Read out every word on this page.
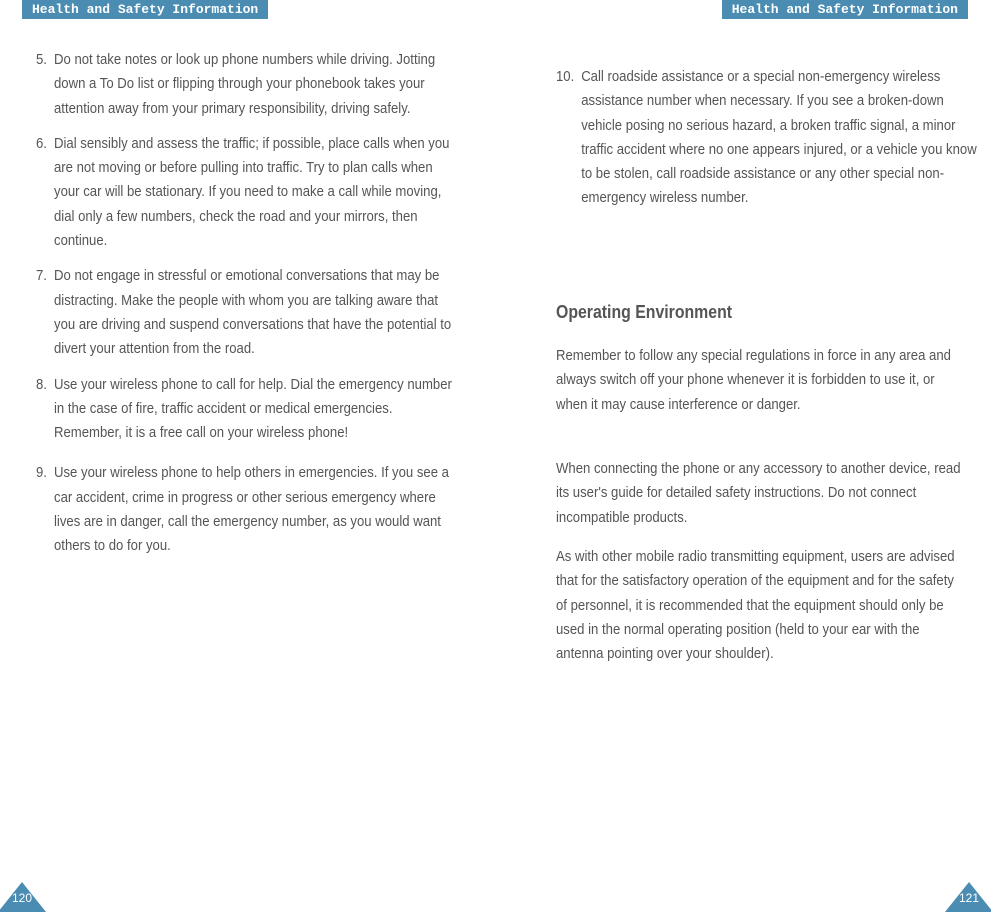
Health and Safety Information
5. Do not take notes or look up phone numbers while driving. Jotting down a To Do list or flipping through your phonebook takes your attention away from your primary responsibility, driving safely.
6. Dial sensibly and assess the traffic; if possible, place calls when you are not moving or before pulling into traffic. Try to plan calls when your car will be stationary. If you need to make a call while moving, dial only a few numbers, check the road and your mirrors, then continue.
7. Do not engage in stressful or emotional conversations that may be distracting. Make the people with whom you are talking aware that you are driving and suspend conversations that have the potential to divert your attention from the road.
8. Use your wireless phone to call for help. Dial the emergency number in the case of fire, traffic accident or medical emergencies. Remember, it is a free call on your wireless phone!
9. Use your wireless phone to help others in emergencies. If you see a car accident, crime in progress or other serious emergency where lives are in danger, call the emergency number, as you would want others to do for you.
120
Health and Safety Information
10. Call roadside assistance or a special non-emergency wireless assistance number when necessary. If you see a broken-down vehicle posing no serious hazard, a broken traffic signal, a minor traffic accident where no one appears injured, or a vehicle you know to be stolen, call roadside assistance or any other special non-emergency wireless number.
Operating Environment

Remember to follow any special regulations in force in any area and always switch off your phone whenever it is forbidden to use it, or when it may cause interference or danger.

When connecting the phone or any accessory to another device, read its user's guide for detailed safety instructions. Do not connect incompatible products.

As with other mobile radio transmitting equipment, users are advised that for the satisfactory operation of the equipment and for the safety of personnel, it is recommended that the equipment should only be used in the normal operating position (held to your ear with the antenna pointing over your shoulder).

121
